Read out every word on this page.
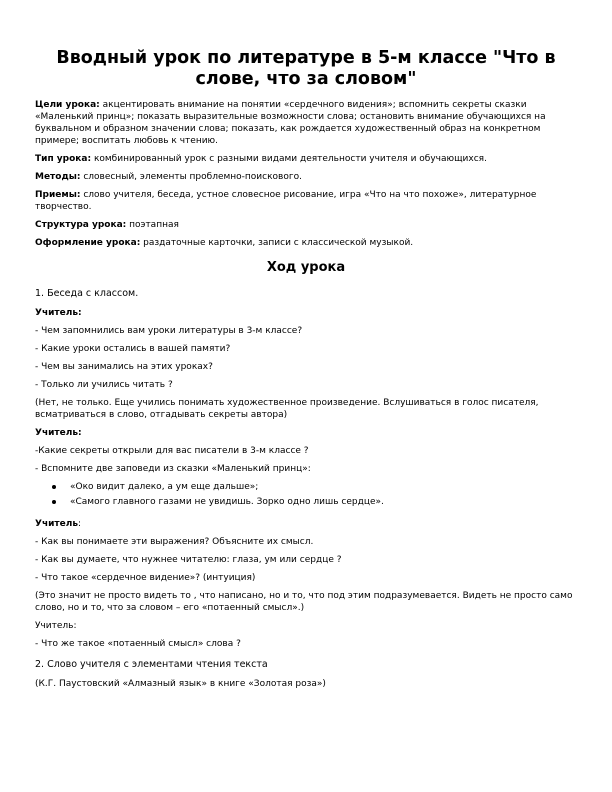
Вводный урок по литературе в 5-м классе "Что в слове, что за словом"

Цели урока: акцентировать внимание на понятии «сердечного видения»; вспомнить секреты сказки «Маленький принц»; показать выразительные возможности слова; остановить внимание обучающихся на буквальном и образном значении слова; показать, как рождается художественный образ на конкретном примере; воспитать любовь к чтению.

Тип урока: комбинированный урок с разными видами деятельности учителя и обучающихся.

Методы: словесный, элементы проблемно-поискового.

Приемы: слово учителя, беседа, устное словесное рисование, игра «Что на что похоже», литературное творчество.

Структура урока: поэтапная

Оформление урока: раздаточные карточки, записи с классической музыкой.

Ход урока

1. Беседа с классом.

Учитель:

- Чем запомнились вам уроки литературы в 3-м классе?

- Какие уроки остались в вашей памяти?

- Чем вы занимались на этих уроках?

- Только ли учились читать ?

(Нет, не только. Еще учились понимать художественное произведение. Вслушиваться в голос писателя, всматриваться в слово, отгадывать секреты автора)

Учитель:

-Какие секреты открыли для вас писатели в 3-м классе ?

- Вспомните две заповеди из сказки «Маленький принц»:

«Око видит далеко, а ум еще дальше»;
«Самого главного газами не увидишь. Зорко одно лишь сердце».

Учитель:

- Как вы понимаете эти выражения? Объясните их смысл.

- Как вы думаете, что нужнее читателю: глаза, ум или сердце ?

- Что такое «сердечное видение»? (интуиция)

(Это значит не просто видеть то , что написано, но и то, что под этим подразумевается. Видеть не просто само слово, но и то, что за словом – его «потаенный смысл».)

Учитель:

- Что же такое «потаенный смысл» слова ?

2. Слово учителя с элементами чтения текста

(К.Г. Паустовский «Алмазный язык» в книге «Золотая роза»)
